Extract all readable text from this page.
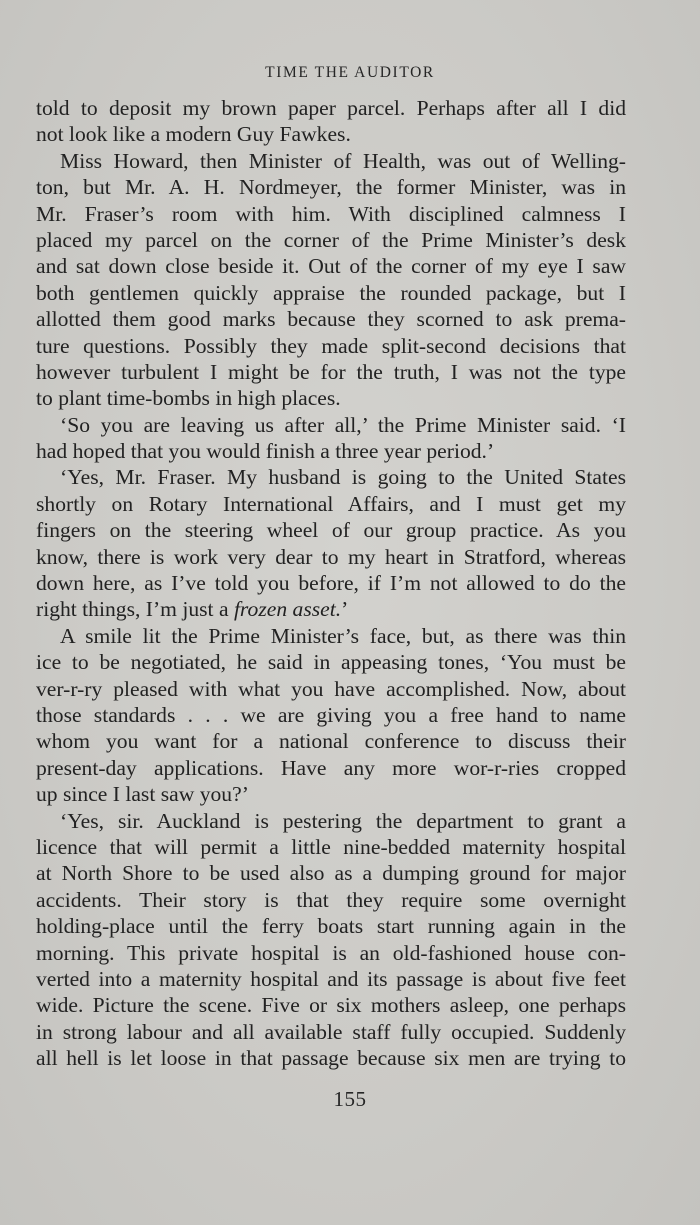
TIME THE AUDITOR
told to deposit my brown paper parcel. Perhaps after all I did
not look like a modern Guy Fawkes.
Miss Howard, then Minister of Health, was out of Welling-
ton, but Mr. A. H. Nordmeyer, the former Minister, was in
Mr. Fraser’s room with him. With disciplined calmness I
placed my parcel on the corner of the Prime Minister’s desk
and sat down close beside it. Out of the corner of my eye I saw
both gentlemen quickly appraise the rounded package, but I
allotted them good marks because they scorned to ask prema-
ture questions. Possibly they made split-second decisions that
however turbulent I might be for the truth, I was not the type
to plant time-bombs in high places.
‘So you are leaving us after all,’ the Prime Minister said. ‘I
had hoped that you would finish a three year period.’
‘Yes, Mr. Fraser. My husband is going to the United States
shortly on Rotary International Affairs, and I must get my
fingers on the steering wheel of our group practice. As you
know, there is work very dear to my heart in Stratford, whereas
down here, as I’ve told you before, if I’m not allowed to do the
right things, I’m just a frozen asset.’
A smile lit the Prime Minister’s face, but, as there was thin
ice to be negotiated, he said in appeasing tones, ‘You must be
ver-r-ry pleased with what you have accomplished. Now, about
those standards . . . we are giving you a free hand to name
whom you want for a national conference to discuss their
present-day applications. Have any more wor-r-ries cropped
up since I last saw you?’
‘Yes, sir. Auckland is pestering the department to grant a
licence that will permit a little nine-bedded maternity hospital
at North Shore to be used also as a dumping ground for major
accidents. Their story is that they require some overnight
holding-place until the ferry boats start running again in the
morning. This private hospital is an old-fashioned house con-
verted into a maternity hospital and its passage is about five feet
wide. Picture the scene. Five or six mothers asleep, one perhaps
in strong labour and all available staff fully occupied. Suddenly
all hell is let loose in that passage because six men are trying to
155
